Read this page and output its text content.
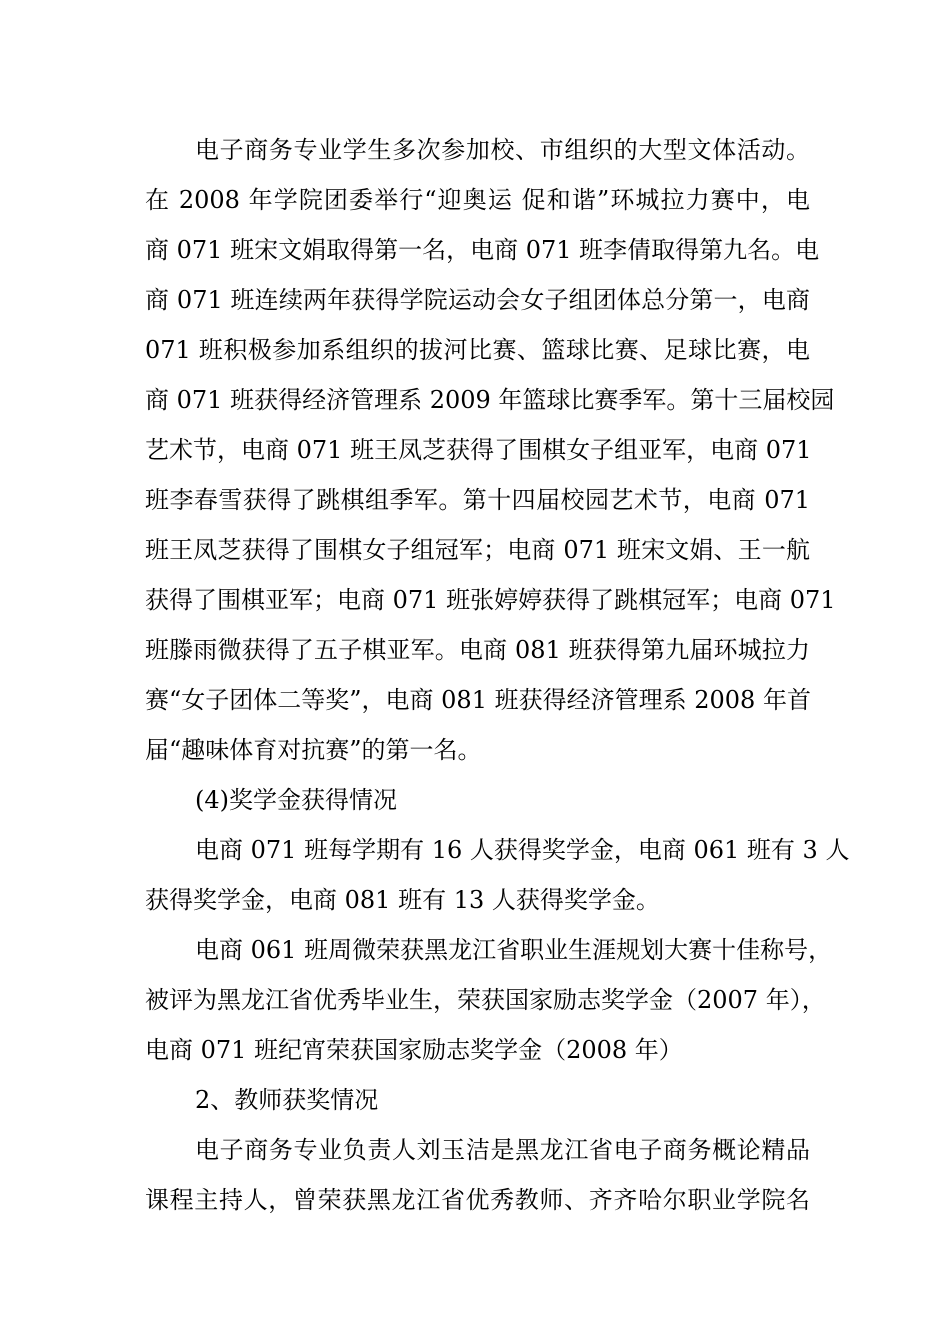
电子商务专业学生多次参加校、市组织的大型文体活动。
在 2008 年学院团委举行“迎奥运 促和谐”环城拉力赛中，电
商 071 班宋文娟取得第一名，电商 071 班李倩取得第九名。电
商 071 班连续两年获得学院运动会女子组团体总分第一，电商
071 班积极参加系组织的拔河比赛、篮球比赛、足球比赛，电
商 071 班获得经济管理系 2009 年篮球比赛季军。第十三届校园
艺术节，电商 071 班王凤芝获得了围棋女子组亚军，电商 071
班李春雪获得了跳棋组季军。第十四届校园艺术节，电商 071
班王凤芝获得了围棋女子组冠军；电商 071 班宋文娟、王一航
获得了围棋亚军；电商 071 班张婷婷获得了跳棋冠军；电商 071
班滕雨微获得了五子棋亚军。电商 081 班获得第九届环城拉力
赛“女子团体二等奖”，电商 081 班获得经济管理系 2008 年首
届“趣味体育对抗赛”的第一名。
(4)奖学金获得情况
电商 071 班每学期有 16 人获得奖学金，电商 061 班有 3 人
获得奖学金，电商 081 班有 13 人获得奖学金。
电商 061 班周微荣获黑龙江省职业生涯规划大赛十佳称号，
被评为黑龙江省优秀毕业生，荣获国家励志奖学金（2007 年），
电商 071 班纪宵荣获国家励志奖学金（2008 年）
2、教师获奖情况
电子商务专业负责人刘玉洁是黑龙江省电子商务概论精品
课程主持人，曾荣获黑龙江省优秀教师、齐齐哈尔职业学院名
